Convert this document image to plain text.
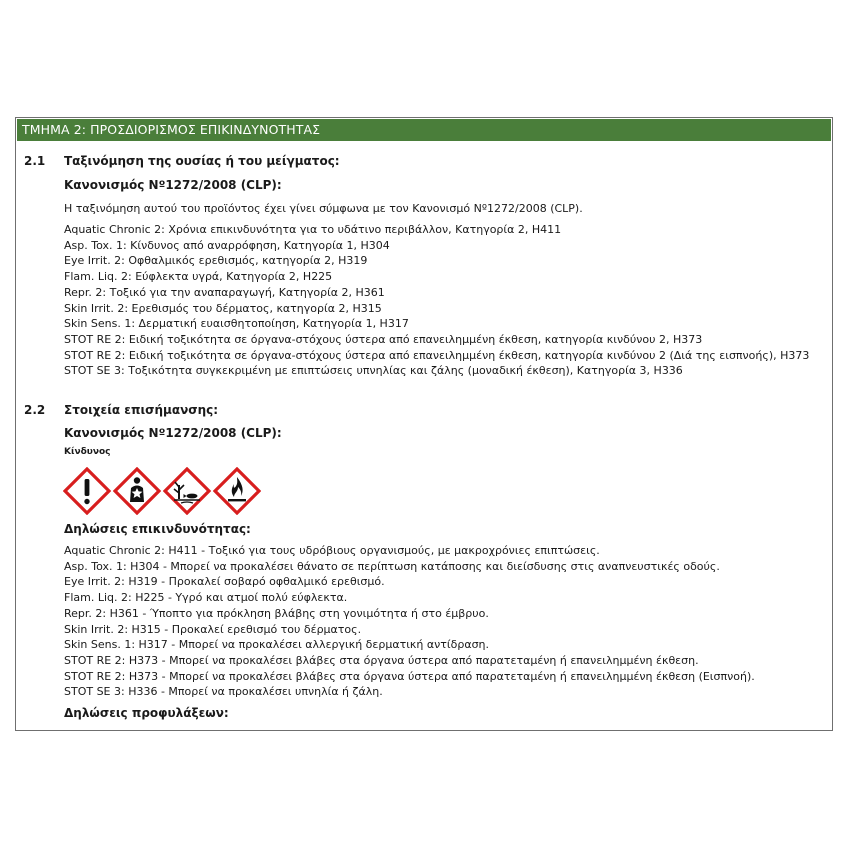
ΤΜΗΜΑ 2: ΠΡΟΣΔΙΟΡΙΣΜΟΣ ΕΠΙΚΙΝΔΥΝΟΤΗΤΑΣ
2.1 Ταξινόμηση της ουσίας ή του μείγματος:
Κανονισμός Nº1272/2008 (CLP):
Η ταξινόμηση αυτού του προϊόντος έχει γίνει σύμφωνα με τον Κανονισμό Nº1272/2008 (CLP).
Aquatic Chronic 2: Χρόνια επικινδυνότητα για το υδάτινο περιβάλλον, Κατηγορία 2, H411
Asp. Tox. 1: Κίνδυνος από αναρρόφηση, Κατηγορία 1, H304
Eye Irrit. 2: Οφθαλμικός ερεθισμός, κατηγορία 2, H319
Flam. Liq. 2: Εύφλεκτα υγρά, Κατηγορία 2, H225
Repr. 2: Τοξικό για την αναπαραγωγή, Κατηγορία 2, H361
Skin Irrit. 2: Ερεθισμός του δέρματος, κατηγορία 2, H315
Skin Sens. 1: Δερματική ευαισθητοποίηση, Κατηγορία 1, H317
STOT RE 2: Ειδική τοξικότητα σε όργανα-στόχους ύστερα από επανειλημμένη έκθεση, κατηγορία κινδύνου 2, H373
STOT RE 2: Ειδική τοξικότητα σε όργανα-στόχους ύστερα από επανειλημμένη έκθεση, κατηγορία κινδύνου 2 (Διά της εισπνοής), H373
STOT SE 3: Τοξικότητα συγκεκριμένη με επιπτώσεις υπνηλίας και ζάλης (μοναδική έκθεση), Κατηγορία 3, H336
2.2 Στοιχεία επισήμανσης:
Κανονισμός Nº1272/2008 (CLP):
Κίνδυνος
Δηλώσεις επικινδυνότητας:
Aquatic Chronic 2: H411 - Τοξικό για τους υδρόβιους οργανισμούς, με μακροχρόνιες επιπτώσεις.
Asp. Tox. 1: H304 - Μπορεί να προκαλέσει θάνατο σε περίπτωση κατάποσης και διείσδυσης στις αναπνευστικές οδούς.
Eye Irrit. 2: H319 - Προκαλεί σοβαρό οφθαλμικό ερεθισμό.
Flam. Liq. 2: H225 - Υγρό και ατμοί πολύ εύφλεκτα.
Repr. 2: H361 - Ύποπτο για πρόκληση βλάβης στη γονιμότητα ή στο έμβρυο.
Skin Irrit. 2: H315 - Προκαλεί ερεθισμό του δέρματος.
Skin Sens. 1: H317 - Μπορεί να προκαλέσει αλλεργική δερματική αντίδραση.
STOT RE 2: H373 - Μπορεί να προκαλέσει βλάβες στα όργανα ύστερα από παρατεταμένη ή επανειλημμένη έκθεση.
STOT RE 2: H373 - Μπορεί να προκαλέσει βλάβες στα όργανα ύστερα από παρατεταμένη ή επανειλημμένη έκθεση (Εισπνοή).
STOT SE 3: H336 - Μπορεί να προκαλέσει υπνηλία ή ζάλη.
Δηλώσεις προφυλάξεων:
